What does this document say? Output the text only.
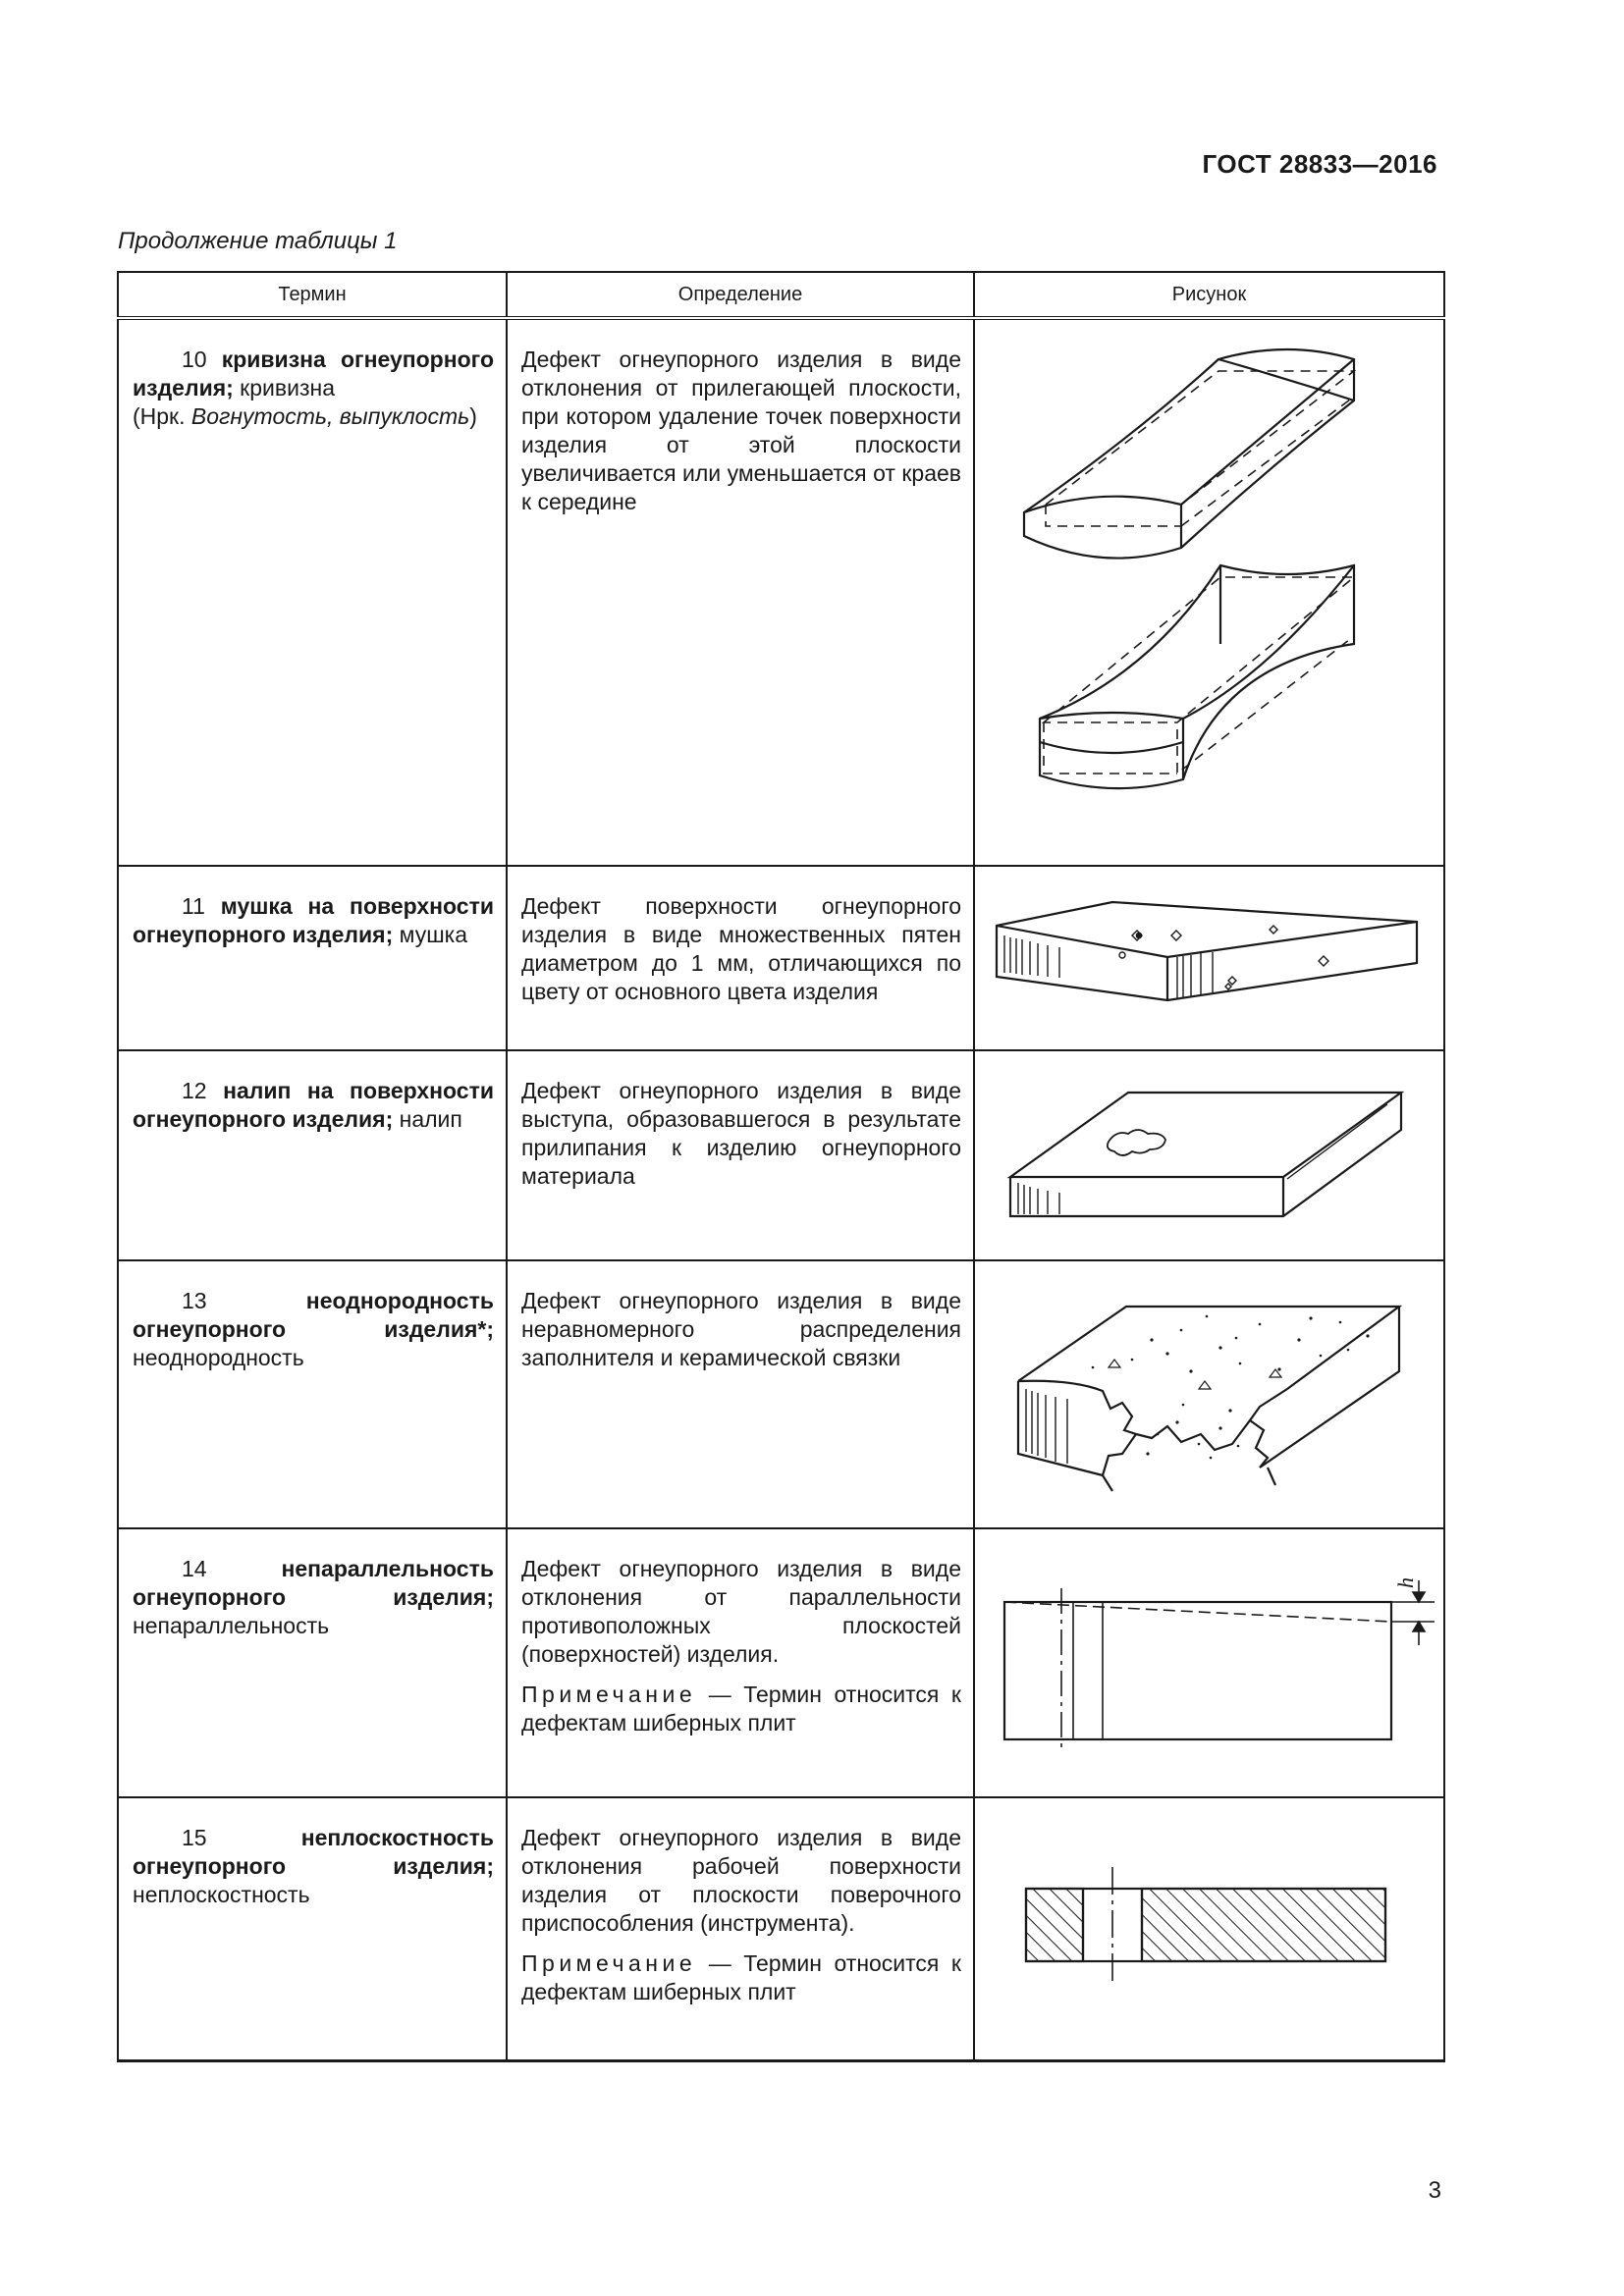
ГОСТ 28833—2016
Продолжение таблицы 1
Термин	Определение	Рисунок
10 кривизна огнеупорного изделия; кривизна
(Нрк. Вогнутость, выпуклость)	Дефект огнеупорного изделия в виде отклонения от прилегающей плоскости, при котором удаление точек поверхности изделия от этой плоскости увеличивается или уменьшается от краев к середине	

11 мушка на поверхности огнеупорного изделия; мушка	Дефект поверхности огнеупорного изделия в виде множественных пятен диаметром до 1 мм, отличающихся по цвету от основного цвета изделия	

12 налип на поверхности огнеупорного изделия; налип	Дефект огнеупорного изделия в виде выступа, образовавшегося в результате прилипания к изделию огнеупорного материала	

13 неоднородность огнеупорного изделия*; неоднородность	Дефект огнеупорного изделия в виде неравномерного распределения заполнителя и керамической связки	

14 непараллельность огнеупорного изделия; непараллельность	Дефект огнеупорного изделия в виде отклонения от параллельности противоположных плоскостей (поверхностей) изделия.
Примечание — Термин относится к дефектам шиберных плит	h

15 неплоскостность огнеупорного изделия; неплоскостность	Дефект огнеупорного изделия в виде отклонения рабочей поверхности изделия от плоскости поверочного приспособления (инструмента).
Примечание — Термин относится к дефектам шиберных плит

3
